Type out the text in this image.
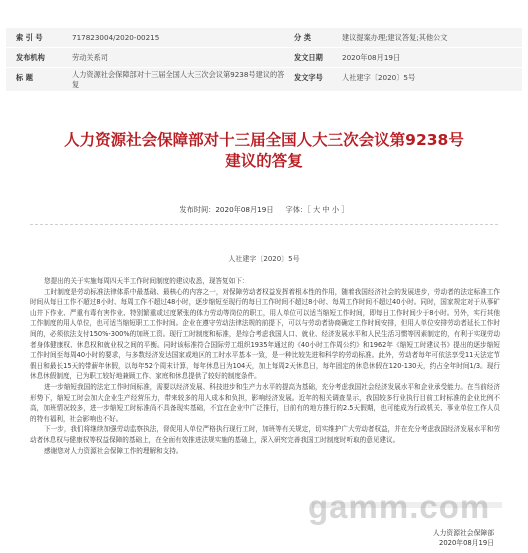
索 引 号	717823004/2020-00215	分 类	建议提案办理;建议答复;其他公文
发布机构	劳动关系司	发文日期	2020年08月19日
标 题	人力资源社会保障部对十三届全国人大三次会议第9238号建议的答复
发文字号	人社建字〔2020〕5号
人力资源社会保障部对十三届全国人大三次会议第9238号
建议的答复
发布时间：2020年08月19日 字体：［ 大 中 小 ］
人社建字〔2020〕5号

您提出的关于实施每周四天半工作时间制度的建议收悉，现答复如下：

工时制度是劳动标准法律体系中最基础、最核心的内容之一，对保障劳动者权益发挥着根本性的作用，随着我国经济社会的发展进步，劳动者的法定标准工作时间从每日工作不超过8小时、每周工作不超过48小时，逐步缩短至现行的每日工作时间不超过8小时、每周工作时间不超过40小时。同时，国家规定对于从事矿山井下作业、严重有毒有害作业、特别繁重或过度紧张的体力劳动等岗位的职工，用人单位可以适当缩短工作时间，即每日工作时间少于8小时。另外，实行其他工作制度的用人单位，也可适当缩短职工工作时间。企业在遵守劳动法律法规的前提下，可以与劳动者协商确定工作时间安排，但用人单位安排劳动者延长工作时间的，必须依法支付150%-300%的加班工资。现行工时制度和标准，是综合考虑我国人口、就业、经济发展水平和人民生活习惯等因素制定的，有利于实现劳动者身体健康权、休息权和就业权之间的平衡。同时该标准符合国际劳工组织1935年通过的《40小时工作周公约》和1962年《缩短工时建议书》提出的逐步缩短工作时间至每周40小时的要求，与多数经济发达国家或地区的工时水平基本一致，是一种比较先进和科学的劳动标准。此外，劳动者每年可依法享受11天法定节假日和最长15天的带薪年休假，以每年52个周末计算，每年休息日为104天，加上每周2天休息日，每年固定的休息休假在120-130天，约占全年时间1/3。现行休息休假制度，已为职工较好地兼顾工作、家庭和休息提供了较好的制度条件。

进一步缩短我国的法定工作时间标准，需要以经济发展、科技进步和生产力水平的提高为基础，充分考虑我国社会经济发展水平和企业承受能力。在当前经济形势下，缩短工时会加大企业生产经营压力，带来较多的用人成本和负担，影响经济发展。近年的相关调查显示，我国较多行业执行目前工时标准的企业比例不高，加班情况较多，进一步缩短工时标准尚不具备现实基础，不宜在企业中广泛推行，目前有的地方推行的2.5天假期，也可能成为行政机关、事业单位工作人员的特有福利，社会影响也不好。

下一步，我们将继续加强劳动监察执法，督促用人单位严格执行现行工时，加班等有关规定，切实维护广大劳动者权益，并在充分考虑我国经济发展水平和劳动者休息权与健康权等权益保障的基础上，在全面有效推进法规实施的基础上，深入研究完善我国工时制度时听取的意见建议。

感谢您对人力资源社会保障工作的理解和支持。

gamm.com
人力资源社会保障部
2020年08月19日
